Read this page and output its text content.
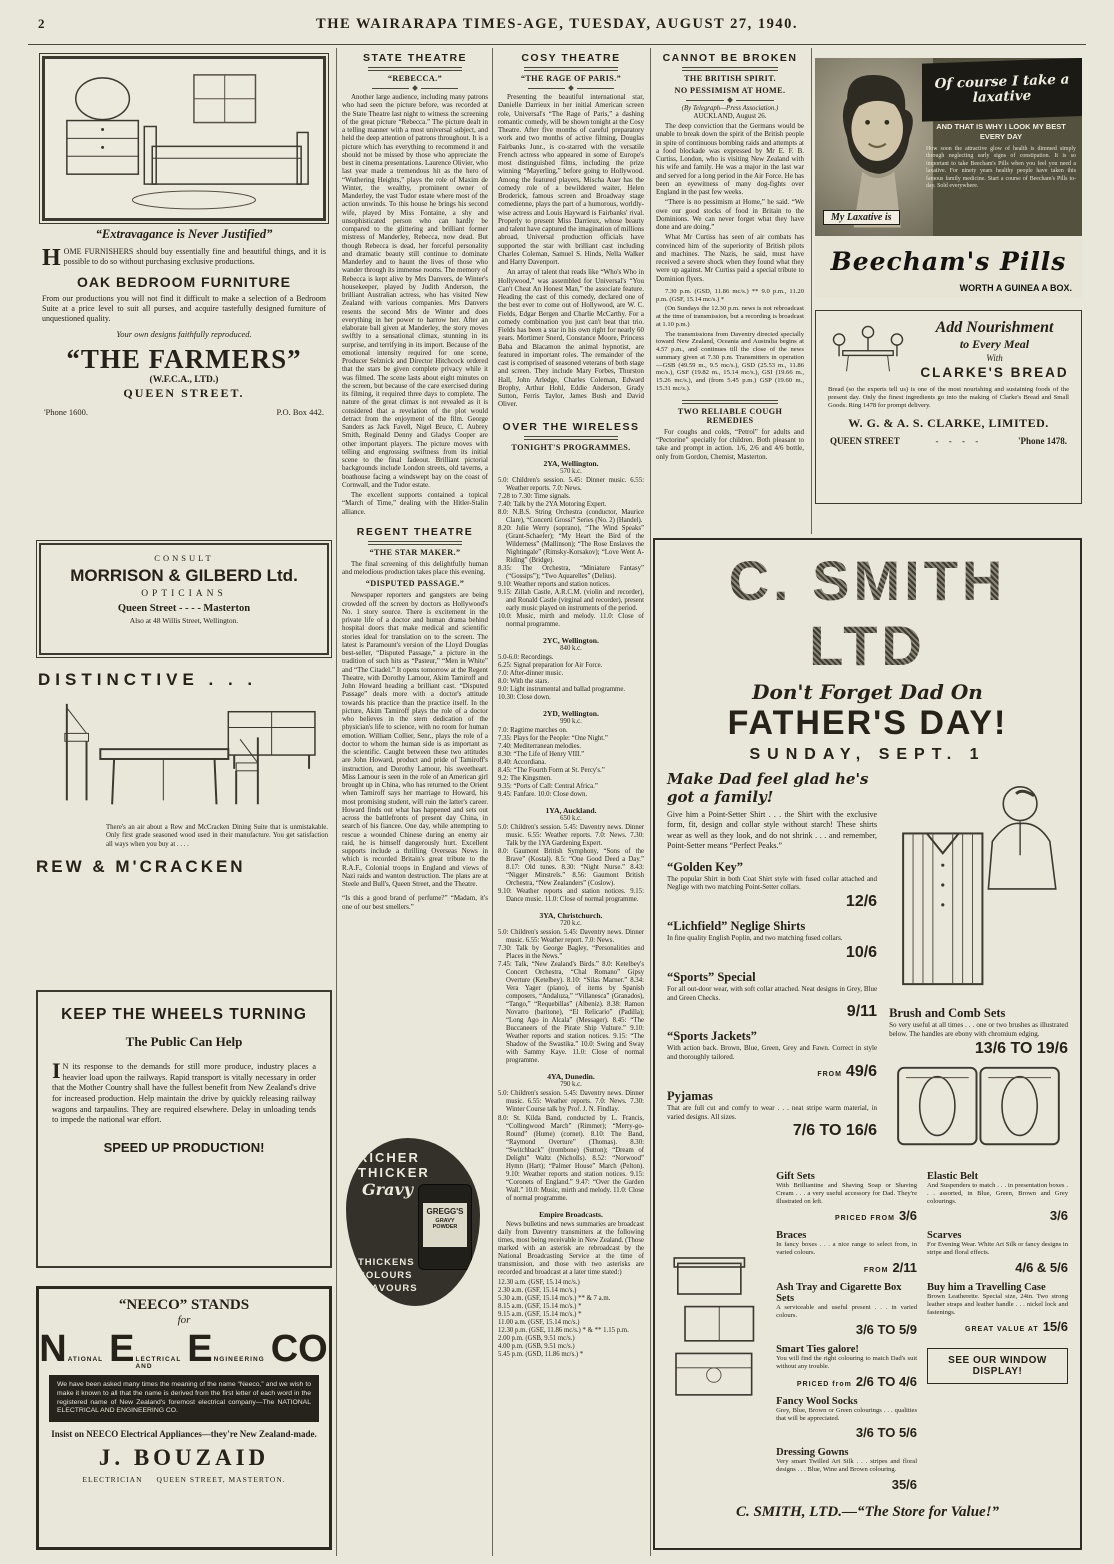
2	THE WAIRARAPA TIMES-AGE, TUESDAY, AUGUST 27, 1940.
“Extravagance is Never Justified”

HOME FURNISHERS should buy essentially fine and beautiful things, and it is possible to do so without purchasing exclusive productions.

OAK BEDROOM FURNITURE

From our productions you will not find it difficult to make a selection of a Bedroom Suite at a price level to suit all purses, and acquire tastefully designed furniture of unquestioned quality.

Your own designs faithfully reproduced.
“THE FARMERS”
(W.F.C.A., LTD.)
QUEEN STREET.
'Phone 1600.	P.O. Box 442.
CONSULT
MORRISON & GILBERD Ltd.
OPTICIANS
Queen Street - - - - Masterton
Also at 48 Willis Street, Wellington.
DISTINCTIVE . . .

There's an air about a Rew and McCracken Dining Suite that is unmistakable. Only first grade seasoned wood used in their manufacture. You get satisfaction all ways when you buy at . . . .

REW & M'CRACKEN
KEEP THE WHEELS TURNING
The Public Can Help

IN its response to the demands for still more produce, industry places a heavier load upon the railways. Rapid transport is vitally necessary in order that the Mother Country shall have the fullest benefit from New Zealand's drive for increased production. Help maintain the drive by quickly releasing railway wagons and tarpaulins. They are required elsewhere. Delay in unloading tends to impede the national war effort.

SPEED UP PRODUCTION!
“NEECO” STANDS
for
N ATIONAL E LECTRICAL AND E NGINEERING CO

We have been asked many times the meaning of the name “Neeco,” and we wish to make it known to all that the name is derived from the first letter of each word in the registered name of New Zealand's foremost electrical company—The NATIONAL ELECTRICAL AND ENGINEERING CO.

Insist on NEECO Electrical Appliances—they're New Zealand-made.
J. BOUZAID
ELECTRICIAN QUEEN STREET, MASTERTON.
STATE THEATRE
“REBECCA.”

Another large audience, including many patrons who had seen the picture before, was recorded at the State Theatre last night to witness the screening of the great picture “Rebecca.” The picture dealt in a telling manner with a most universal subject, and held the deep attention of patrons throughout. It is a picture which has everything to recommend it and should not be missed by those who appreciate the best in cinema presentations. Laurence Olivier, who last year made a tremendous hit as the hero of “Wuthering Heights,” plays the role of Maxim de Winter, the wealthy, prominent owner of Manderley, the vast Tudor estate where most of the action unwinds. To this house he brings his second wife, played by Miss Fontaine, a shy and unsophisticated person who can hardly be compared to the glittering and brilliant former mistress of Manderley, Rebecca, now dead. But though Rebecca is dead, her forceful personality and dramatic beauty still continue to dominate Manderley and to haunt the lives of those who wander through its immense rooms. The memory of Rebecca is kept alive by Mrs Danvers, de Winter's housekeeper, played by Judith Anderson, the brilliant Australian actress, who has visited New Zealand with various companies. Mrs Danvers resents the second Mrs de Winter and does everything in her power to harrow her. After an elaborate ball given at Manderley, the story moves swiftly to a sensational climax, stunning in its surprise, and terrifying in its import. Because of the emotional intensity required for one scene, Producer Selznick and Director Hitchcock ordered that the stars be given complete privacy while it was filmed. The scene lasts about eight minutes on the screen, but because of the care exercised during its filming, it required three days to complete. The nature of the great climax is not revealed as it is considered that a revelation of the plot would detract from the enjoyment of the film. George Sanders as Jack Favell, Nigel Bruce, C. Aubrey Smith, Reginald Denny and Gladys Cooper are other important players. The picture moves with telling and engrossing swiftness from its initial scene to the final fadeout. Brilliant pictorial backgrounds include London streets, old taverns, a boathouse facing a windswept bay on the coast of Cornwall, and the Tudor estate.

The excellent supports contained a topical “March of Time,” dealing with the Hitler-Stalin alliance.

REGENT THEATRE
“THE STAR MAKER.”

The final screening of this delightfully human and melodious production takes place this evening.

“DISPUTED PASSAGE.”

Newspaper reporters and gangsters are being crowded off the screen by doctors as Hollywood's No. 1 story source. There is excitement in the private life of a doctor and human drama behind hospital doors that make medical and scientific stories ideal for translation on to the screen. The latest is Paramount's version of the Lloyd Douglas best-seller, “Disputed Passage,” a picture in the tradition of such hits as “Pasteur,” “Men in White” and “The Citadel.” It opens tomorrow at the Regent Theatre, with Dorothy Lamour, Akim Tamiroff and John Howard heading a brilliant cast. “Disputed Passage” deals more with a doctor's attitude towards his practice than the practice itself. In the picture, Akim Tamiroff plays the role of a doctor who believes in the stern dedication of the physician's life to science, with no room for human emotion. William Collier, Senr., plays the role of a doctor to whom the human side is as important as the scientific. Caught between these two attitudes are John Howard, product and pride of Tamiroff's instruction, and Dorothy Lamour, his sweetheart. Miss Lamour is seen in the role of an American girl brought up in China, who has returned to the Orient when Tamiroff says her marriage to Howard, his most promising student, will ruin the latter's career. Howard finds out what has happened and sets out across the battlefronts of present day China, in search of his fiancee. One day, while attempting to rescue a wounded Chinese during an enemy air raid, he is himself dangerously hurt. Excellent supports include a thrilling Overseas News in which is recorded Britain's great tribute to the R.A.F., Colonial troops in England and views of Nazi raids and wanton destruction. The plans are at Steele and Bull's, Queen Street, and the Theatre.

“Is this a good brand of perfume?” “Madam, it's one of our best smellers.”

RICHER
THICKER
Gravy
GREGG'S
GRAVY POWDER
THICKENS
COLOURS
FLAVOURS
COSY THEATRE
“THE RAGE OF PARIS.”

Presenting the beautiful international star, Danielle Darrieux in her initial American screen role, Universal's “The Rage of Paris,” a dashing romantic comedy, will be shown tonight at the Cosy Theatre. After five months of careful preparatory work and two months of active filming, Douglas Fairbanks Junr., is co-starred with the versatile French actress who appeared in some of Europe's most distinguished films, including the prize winning “Mayerling,” before going to Hollywood. Among the featured players, Mischa Auer has the comedy role of a bewildered waiter, Helen Broderick, famous screen and Broadway stage comedienne, plays the part of a humorous, worldly-wise actress and Louis Hayward is Fairbanks' rival. Properly to present Miss Darrieux, whose beauty and talent have captured the imagination of millions abroad, Universal production officials have supported the star with brilliant cast including Charles Coleman, Samuel S. Hinds, Nella Walker and Harry Davenport.

An array of talent that reads like “Who's Who in Hollywood,” was assembled for Universal's “You Can't Cheat An Honest Man,” the associate feature. Heading the cast of this comedy, declared one of the best ever to come out of Hollywood, are W. C. Fields, Edgar Bergen and Charlie McCarthy. For a comedy combination you just can't beat that trio. Fields has been a star in his own right for nearly 60 years. Mortimer Snerd, Constance Moore, Princess Baba and Blacamon the animal hypnotist, are featured in important roles. The remainder of the cast is comprised of seasoned veterans of both stage and screen. They include Mary Forbes, Thurston Hall, John Arledge, Charles Coleman, Edward Brophy, Arthur Hohl, Eddie Anderson, Grady Sutton, Ferris Taylor, James Bush and David Oliver.

OVER THE WIRELESS
TONIGHT'S PROGRAMMES.
2YA, Wellington.
570 k.c.

5.0: Children's session. 5.45: Dinner music. 6.55: Weather reports. 7.0: News.

7.28 to 7.30: Time signals.

7.40: Talk by the 2YA Motoring Expert.

8.0: N.B.S. String Orchestra (conductor, Maurice Clare), “Concerti Grossi” Series (No. 2) (Handel).

8.20: Julie Werry (soprano), “The Wind Speaks” (Grant-Schaefer); “My Heart the Bird of the Wilderness” (Mallinson); “The Rose Enslaves the Nightingale” (Rimsky-Korsakov); “Love Went A-Riding” (Bridge).

8.35: The Orchestra, “Miniature Fantasy” (“Gossips”); “Two Aquarelles” (Delius).

9.10: Weather reports and station notices.

9.15: Zillah Castle, A.R.C.M. (violin and recorder), and Ronald Castle (virginal and recorder), present early music played on instruments of the period.

10.0: Music, mirth and melody. 11.0: Close of normal programme.

2YC, Wellington.
840 k.c.

5.0-6.0: Recordings.

6.25: Signal preparation for Air Force.

7.0: After-dinner music.

8.0: With the stars.

9.0: Light instrumental and ballad programme.

10.30: Close down.

2YD, Wellington.
990 k.c.

7.0: Ragtime marches on.

7.35: Plays for the People: “One Night.”

7.40: Mediterranean melodies.

8.30: “The Life of Henry VIII.”

8.40: Accordiana.

8.45: “The Fourth Form at St. Percy's.”

9.2: The Kingsmen.

9.35: “Ports of Call: Central Africa.”

9.45: Fanfare. 10.0: Close down.

1YA, Auckland.
650 k.c.

5.0: Children's session. 5.45: Daventry news. Dinner music. 6.55: Weather reports. 7.0: News. 7.30: Talk by the 1YA Gardening Expert.

8.0: Gaumont British Symphony, “Sons of the Brave” (Kostal). 8.5: “One Good Deed a Day.” 8.17: Old tunes. 8.30: “Night Nurse.” 8.43: “Nigger Minstrels.” 8.56: Gaumont British Orchestra, “New Zealanders” (Coslow).

9.10: Weather reports and station notices. 9.15: Dance music. 11.0: Close of normal programme.

3YA, Christchurch.
720 k.c.

5.0: Children's session. 5.45: Daventry news. Dinner music. 6.55: Weather report. 7.0: News.

7.30: Talk by George Bagley, “Personalities and Places in the News.”

7.45: Talk, “New Zealand's Birds.” 8.0: Ketelbey's Concert Orchestra, “Chal Romano” Gipsy Overture (Ketelbey). 8.10: “Silas Marner.” 8.34: Vera Yager (piano), of items by Spanish composers, “Andaluza,” “Villanesca” (Granados), “Tango,” “Requebillas” (Albeniz). 8.38: Ramon Novarro (baritone), “El Relicario” (Padilla); “Long Ago in Alcala” (Messager). 8.45: “The Buccaneers of the Pirate Ship Vulture.” 9.10: Weather reports and station notices. 9.15: “The Shadow of the Swastika.” 10.0: Swing and Sway with Sammy Kaye. 11.0: Close of normal programme.

4YA, Dunedin.
790 k.c.

5.0: Children's session. 5.45: Daventry news. Dinner music. 6.55: Weather reports. 7.0: News. 7.30: Winter Course talk by Prof. J. N. Findlay.

8.0: St. Kilda Band, conducted by L. Francis, “Collingwood March” (Rimmer); “Merry-go-Round” (Hume) (cornet). 8.10: The Band, “Raymond Overture” (Thomas). 8.30: “Switchback” (trombone) (Sutton); “Dream of Delight” Waltz (Nicholls). 8.52: “Norwood” Hymn (Hart); “Palmer House” March (Pelton). 9.10: Weather reports and station notices. 9.15: “Coronets of England.” 9.47: “Over the Garden Wall.” 10.0: Music, mirth and melody. 11.0: Close of normal programme.

Empire Broadcasts.

News bulletins and news summaries are broadcast daily from Daventry transmitters at the following times, most being receivable in New Zealand. (Those marked with an asterisk are rebroadcast by the National Broadcasting Service at the time of transmission, and those with two asterisks are recorded and broadcast at a later time stated:)

12.30 a.m. (GSF, 15.14 mc/s.)

2.30 a.m. (GSF, 15.14 mc/s.)

5.30 a.m. (GSF, 15.14 mc/s.) ** & 7 a.m.

8.15 a.m. (GSF, 15.14 mc/s.) *

9.15 a.m. (GSF, 15.14 mc/s.) *

11.00 a.m. (GSF, 15.14 mc/s.)

12.30 p.m. (GSE, 11.86 mc/s.) * & ** 1.15 p.m.

2.00 p.m. (GSB, 9.51 mc/s.)

4.00 p.m. (GSB, 9.51 mc/s.)

5.45 p.m. (GSD, 11.86 mc/s.) *

CANNOT BE BROKEN
THE BRITISH SPIRIT.
NO PESSIMISM AT HOME.
(By Telegraph—Press Association.)
AUCKLAND, August 26.

The deep conviction that the Germans would be unable to break down the spirit of the British people in spite of continuous bombing raids and attempts at a food blockade was expressed by Mr E. F. B. Curtiss, London, who is visiting New Zealand with his wife and family. He was a major in the last war and served for a long period in the Air Force. He has been an eyewitness of many dog-fights over England in the past few weeks.

“There is no pessimism at Home,” he said. “We owe our good stocks of food in Britain to the Dominions. We can never forget what they have done and are doing.”

What Mr Curtiss has seen of air combats has convinced him of the superiority of British pilots and machines. The Nazis, he said, must have received a severe shock when they found what they were up against. Mr Curtiss paid a special tribute to Dominion flyers.

7.30 p.m. (GSD, 11.86 mc/s.) ** 9.0 p.m., 11.20 p.m. (GSF, 15.14 mc/s.) *

(On Sundays the 12.30 p.m. news is not rebroadcast at the time of transmission, but a recording is broadcast at 1.10 p.m.)

The transmissions from Daventry directed specially toward New Zealand, Oceania and Australia begins at 4.57 p.m., and continues till the close of the news summary given at 7.30 p.m. Transmitters in operation—GSB (49.59 m., 9.5 mc/s.), GSD (25.53 m., 11.86 mc/s.), GSF (19.82 m., 15.14 mc/s.), GSI (19.66 m., 15.26 mc/s.), and (from 5.45 p.m.) GSP (19.60 m., 15.31 mc/s.).

TWO RELIABLE COUGH REMEDIES

For coughs and colds, “Petrol” for adults and “Pectorine” specially for children. Both pleasant to take and prompt in action. 1/6, 2/6 and 4/6 bottle, only from Gordon, Chemist, Masterton.

Of course I take a laxative
AND THAT IS WHY I LOOK MY BEST EVERY DAY

How soon the attractive glow of health is dimmed simply through neglecting early signs of constipation. It is so important to take Beecham's Pills when you feel you need a laxative. For ninety years healthy people have taken this famous family medicine. Start a course of Beecham's Pills to-day. Sold everywhere.

My Laxative is
Beecham's Pills
WORTH A GUINEA A BOX.
Add Nourishment
to Every Meal
With
CLARKE'S BREAD

Bread (so the experts tell us) is one of the most nourishing and sustaining foods of the present day. Only the finest ingredients go into the making of Clarke's Bread and Small Goods. Ring 1478 for prompt delivery.

W. G. & A. S. CLARKE, LIMITED.
QUEEN STREET	- - - -	'Phone 1478.
C. SMITH LTD
Don't Forget Dad On
FATHER'S DAY!
SUNDAY, SEPT. 1
Make Dad feel glad he's got a family!

Give him a Point-Setter Shirt . . . the Shirt with the exclusive form, fit, design and collar style without starch! These shirts wear as well as they look, and do not shrink . . . and remember, Point-Setter means “Perfect Peaks.”

“Golden Key”

The popular Shirt in both Coat Shirt style with fused collar attached and Neglige with two matching Point-Setter collars.

12/6
“Lichfield” Neglige Shirts

In fine quality English Poplin, and two matching fused collars.

10/6
“Sports” Special

For all out-door wear, with soft collar attached. Neat designs in Grey, Blue and Green Checks.

9/11
“Sports Jackets”

With action back. Brown, Blue, Green, Grey and Fawn. Correct in style and thoroughly tailored.

FROM 49/6
Pyjamas

That are full cut and comfy to wear . . . neat stripe warm material, in varied designs. All sizes.

7/6 TO 16/6
Brush and Comb Sets

So very useful at all times . . . one or two brushes as illustrated below. The handles are ebony with chromium edging.

13/6 TO 19/6
Gift Sets

With Brilliantine and Shaving Soap or Shaving Cream . . . a very useful accessory for Dad. They're illustrated on left.

PRICED FROM 3/6
Braces

In fancy boxes . . . a nice range to select from, in varied colours.

FROM 2/11
Ash Tray and Cigarette Box Sets

A serviceable and useful present . . . in varied colours.

3/6 TO 5/9
Smart Ties galore!

You will find the right colouring to match Dad's suit without any trouble.

PRICED from 2/6 TO 4/6
Fancy Wool Socks

Grey, Blue, Brown or Green colourings . . . qualities that will be appreciated.

3/6 TO 5/6
Dressing Gowns

Very smart Twilled Art Silk . . . stripes and floral designs . . . Blue, Wine and Brown colouring.

35/6
Elastic Belt

And Suspenders to match . . . in presentation boxes . . . assorted, in Blue, Green, Brown and Grey colourings.

3/6
Scarves

For Evening Wear. White Art Silk or fancy designs in stripe and floral effects.

4/6 & 5/6
Buy him a Travelling Case

Brown Leatherette. Special size, 24in. Two strong leather straps and leather handle . . . nickel lock and fastenings.

GREAT VALUE AT 15/6
SEE OUR WINDOW DISPLAY!
C. SMITH, LTD.—“The Store for Value!”
